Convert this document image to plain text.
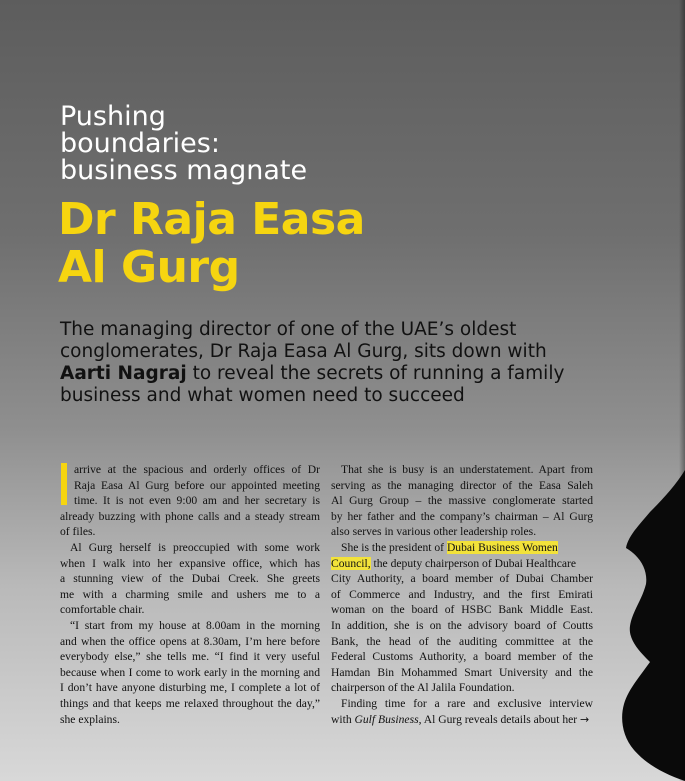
Pushing
boundaries:
business magnate
Dr Raja Easa
Al Gurg
The managing director of one of the UAE’s oldest
conglomerates, Dr Raja Easa Al Gurg, sits down with
Aarti Nagraj to reveal the secrets of running a family
business and what women need to succeed
arrive at the spacious and orderly offices of Dr
Raja Easa Al Gurg before our appointed meeting
time. It is not even 9:00 am and her secretary is
already buzzing with phone calls and a steady stream
of files.
Al Gurg herself is preoccupied with some work
when I walk into her expansive office, which has
a stunning view of the Dubai Creek. She greets
me with a charming smile and ushers me to a
comfortable chair.
“I start from my house at 8.00am in the morning
and when the office opens at 8.30am, I’m here before
everybody else,” she tells me. “I find it very useful
because when I come to work early in the morning and
I don’t have anyone disturbing me, I complete a lot of
things and that keeps me relaxed throughout the day,”
she explains.
That she is busy is an understatement. Apart from
serving as the managing director of the Easa Saleh
Al Gurg Group – the massive conglomerate started
by her father and the company’s chairman – Al Gurg
also serves in various other leadership roles.
She is the president of Dubai Business Women
Council, the deputy chairperson of Dubai Healthcare
City Authority, a board member of Dubai Chamber
of Commerce and Industry, and the first Emirati
woman on the board of HSBC Bank Middle East.
In addition, she is on the advisory board of Coutts
Bank, the head of the auditing committee at the
Federal Customs Authority, a board member of the
Hamdan Bin Mohammed Smart University and the
chairperson of the Al Jalila Foundation.
Finding time for a rare and exclusive interview
with Gulf Business, Al Gurg reveals details about her →
